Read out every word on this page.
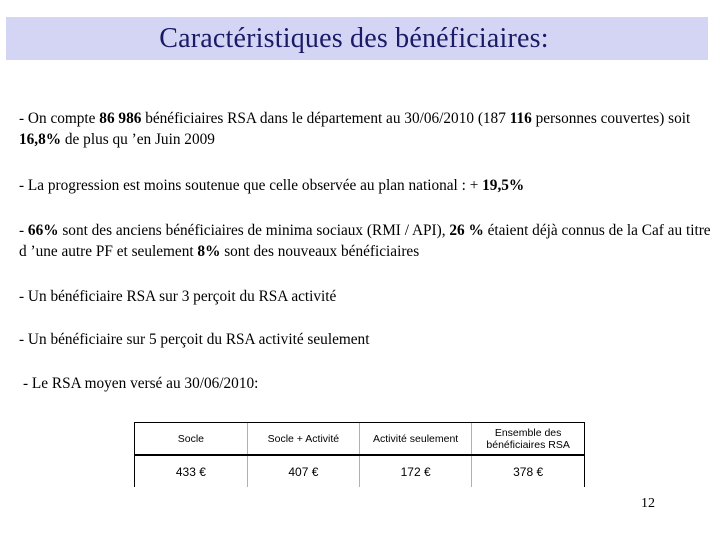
Caractéristiques des bénéficiaires:

- On compte 86 986 bénéficiaires RSA dans le département au 30/06/2010 (187 116 personnes couvertes) soit 16,8% de plus qu ’en Juin 2009

- La progression est moins soutenue que celle observée au plan national : + 19,5%

- 66% sont des anciens bénéficiaires de minima sociaux (RMI / API), 26 % étaient déjà connus de la Caf au titre d ’une autre PF et seulement 8% sont des nouveaux bénéficiaires

- Un bénéficiaire RSA sur 3 perçoit du RSA activité

- Un bénéficiaire sur 5 perçoit du RSA activité seulement

- Le RSA moyen versé au 30/06/2010:

Socle	Socle + Activité	Activité seulement	Ensemble des bénéficiaires RSA
433 €	407 €	172 €	378 €
12
